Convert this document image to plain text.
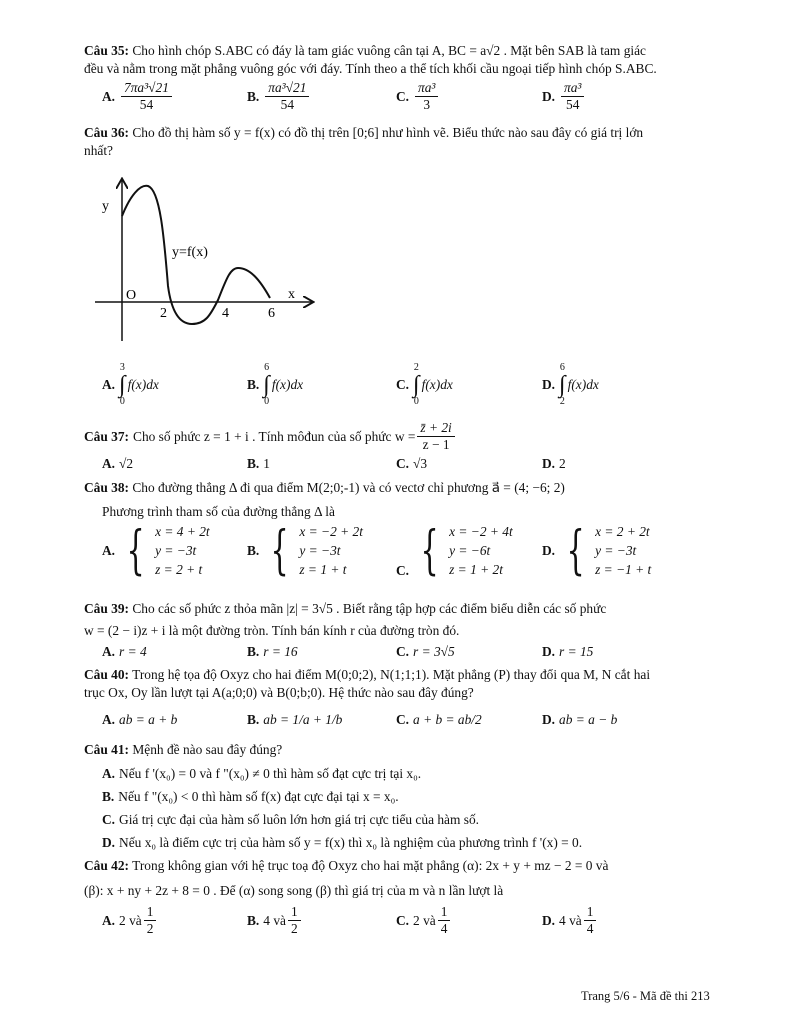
Câu 35: Cho hình chóp S.ABC có đáy là tam giác vuông cân tại A, BC = a√2 . Mặt bên SAB là tam giác
đều và nằm trong mặt phẳng vuông góc với đáy. Tính theo a thể tích khối cầu ngoại tiếp hình chóp S.ABC.
A. $\frac{\text{7πa³√21}}{54}$	B. $\frac{\text{πa³√21}}{54}$	C. $\frac{\text{πa³}}{3}$	D. $\frac{\text{πa³}}{54}$
Câu 36: Cho đồ thị hàm số y = f(x) có đồ thị trên [0;6] như hình vẽ. Biểu thức nào sau đây có giá trị lớn
nhất?
y
x
O
y=f(x)
2	4	6
A.
3
∫
0
f(x)dx	B.
6
∫
0
f(x)dx	C.
2
∫
0
f(x)dx	D.
6
∫
2
f(x)dx
Câu 37: Cho số phức z = 1 + i . Tính môđun của số phức $w = \frac{z̄ + 2i}{z - 1}$
A. √2	B. 1	C. √3	D. 2
Câu 38: Cho đường thẳng Δ đi qua điểm M(2;0;-1) và có vectơ chỉ phương a⃗ = (4; −6; 2)
Phương trình tham số của đường thẳng Δ là
A. { x = 4 + 2t
y = −3t
z = 2 + t
B. { x = −2 + 2t
y = −3t
z = 1 + t	C. { x = −2 + 4t
y = −6t
z = 1 + 2t
D. { x = 2 + 2t
y = −3t
z = −1 + t
Câu 39: Cho các số phức z thỏa mãn |z| = 3√5 . Biết rằng tập hợp các điểm biểu diễn các số phức
w = (2 − i)z + i là một đường tròn. Tính bán kính r của đường tròn đó.
A. r = 4	B. r = 16	C. r = 3√5	D. r = 15
Câu 40: Trong hệ tọa độ Oxyz cho hai điểm M(0;0;2), N(1;1;1). Mặt phẳng (P) thay đổi qua M, N cắt hai
trục Ox, Oy lần lượt tại A(a;0;0) và B(0;b;0). Hệ thức nào sau đây đúng?
A. ab = a + b	B. ab = 1/a + 1/b	C. a + b = ab/2	D. ab = a − b
Câu 41: Mệnh đề nào sau đây đúng?
A. Nếu f '(x₀) = 0 và f "(x₀) ≠ 0 thì hàm số đạt cực trị tại x₀.
B. Nếu f "(x₀) < 0 thì hàm số f(x) đạt cực đại tại x = x₀.
C. Giá trị cực đại của hàm số luôn lớn hơn giá trị cực tiểu của hàm số.
D. Nếu x₀ là điểm cực trị của hàm số y = f(x) thì x₀ là nghiệm của phương trình f '(x) = 0.
Câu 42: Trong không gian với hệ trục toạ độ Oxyz cho hai mặt phẳng (α): 2x + y + mz − 2 = 0 và
(β): x + ny + 2z + 8 = 0 . Để (α) song song (β) thì giá trị của m và n lần lượt là
A. 2 và $\frac{1}{2}$	B. 4 và $\frac{1}{2}$	C. 2 và $\frac{1}{4}$	D. 4 và $\frac{1}{4}$
Trang 5/6 - Mã đề thi 213
